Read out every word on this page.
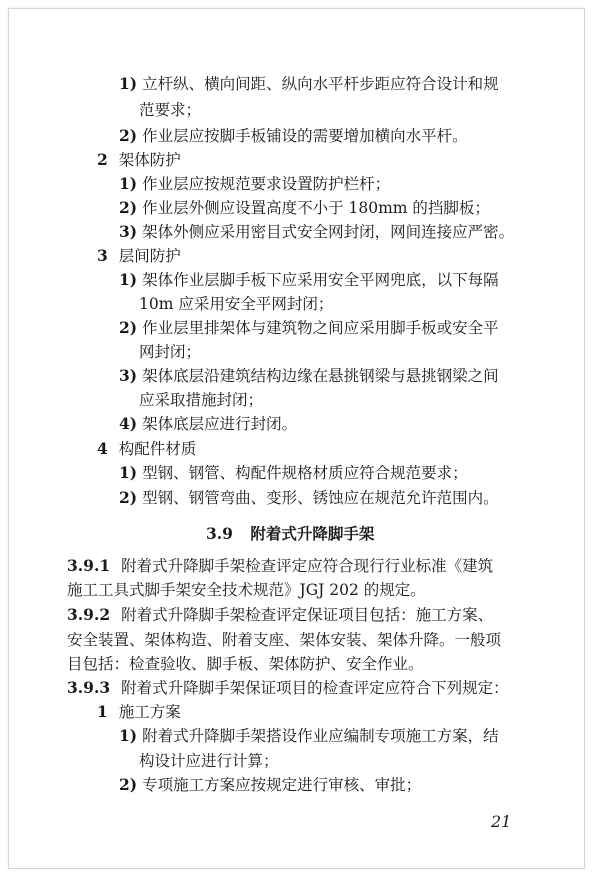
1) 立杆纵、横向间距、纵向水平杆步距应符合设计和规
范要求；
2) 作业层应按脚手板铺设的需要增加横向水平杆。
2 架体防护
1) 作业层应按规范要求设置防护栏杆；
2) 作业层外侧应设置高度不小于 180mm 的挡脚板；
3) 架体外侧应采用密目式安全网封闭，网间连接应严密。
3 层间防护
1) 架体作业层脚手板下应采用安全平网兜底，以下每隔
10m 应采用安全平网封闭；
2) 作业层里排架体与建筑物之间应采用脚手板或安全平
网封闭；
3) 架体底层沿建筑结构边缘在悬挑钢梁与悬挑钢梁之间
应采取措施封闭；
4) 架体底层应进行封闭。
4 构配件材质
1) 型钢、钢管、构配件规格材质应符合规范要求；
2) 型钢、钢管弯曲、变形、锈蚀应在规范允许范围内。
3.9 附着式升降脚手架
3.9.1 附着式升降脚手架检查评定应符合现行行业标准《建筑
施工工具式脚手架安全技术规范》JGJ 202 的规定。
3.9.2 附着式升降脚手架检查评定保证项目包括：施工方案、
安全装置、架体构造、附着支座、架体安装、架体升降。一般项
目包括：检查验收、脚手板、架体防护、安全作业。
3.9.3 附着式升降脚手架保证项目的检查评定应符合下列规定：
1 施工方案
1) 附着式升降脚手架搭设作业应编制专项施工方案，结
构设计应进行计算；
2) 专项施工方案应按规定进行审核、审批；
21
